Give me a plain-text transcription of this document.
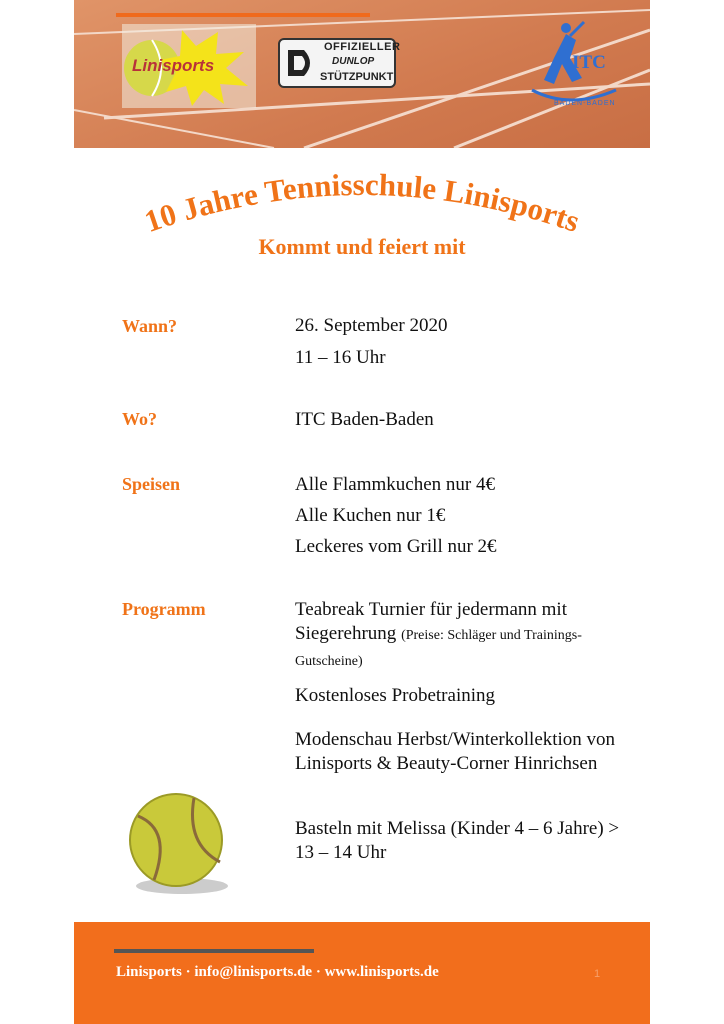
Linisports
OFFIZIELLER
DUNLOP
STÜTZPUNKT
ITC
BADEN-BADEN
10 Jahre Tennisschule Linisports
Kommt und feiert mit
Wann?	26. September 2020
11 – 16 Uhr
Wo?	ITC Baden-Baden
Speisen	Alle Flammkuchen nur 4€
Alle Kuchen nur 1€
Leckeres vom Grill nur 2€
Programm	Teabreak Turnier für jedermann mit Siegerehrung (Preise: Schläger und Trainings-Gutscheine)
Kostenloses Probetraining
Modenschau Herbst/Winterkollektion von Linisports & Beauty-Corner Hinrichsen
Basteln mit Melissa (Kinder 4 – 6 Jahre) > 13 – 14 Uhr
Linisports · info@linisports.de · www.linisports.de	1
